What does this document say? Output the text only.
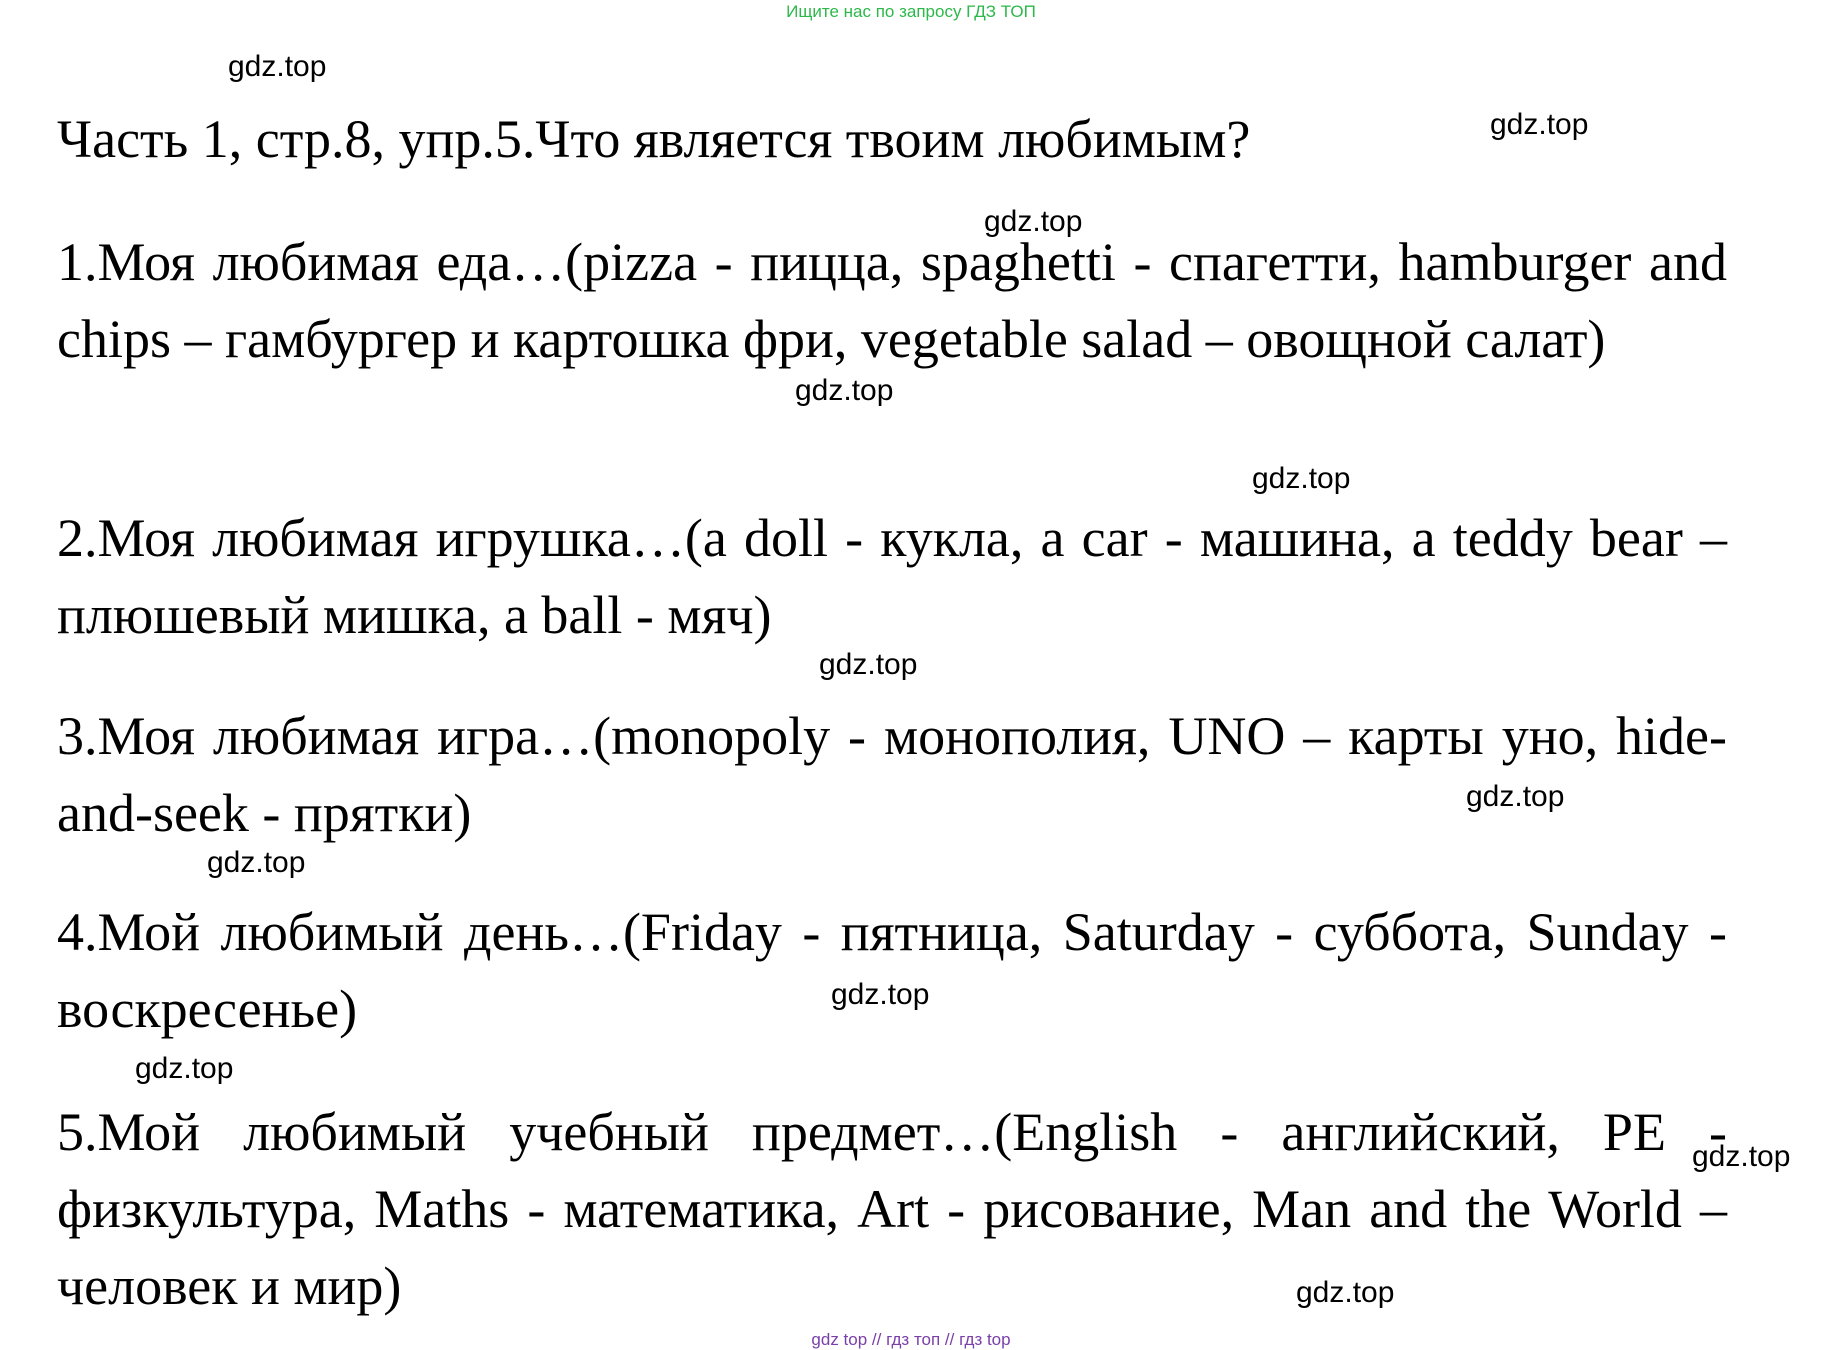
Ищите нас по запросу ГДЗ ТОП
gdz.top
gdz.top
Часть 1, стр.8, упр.5.Что является твоим любимым?
gdz.top

1.Моя любимая еда…(pizza - пицца, spaghetti - спагетти, hamburger and chips – гамбургер и картошка фри, vegetable salad – овощной салат)

gdz.top
gdz.top

2.Моя любимая игрушка…(a doll - кукла, a car - машина, a teddy bear – плюшевый мишка, a ball - мяч)

gdz.top

3.Моя любимая игра…(monopoly - монополия, UNO – карты уно, hide-and-seek - прятки)	gdz.top
gdz.top

4.Мой любимый день…(Friday - пятница, Saturday - суббота, Sunday - воскресенье)	gdz.top
gdz.top

5.Мой любимый учебный предмет…(English - английский, PE - физкультура, Maths - математика, Art - рисование, Man and the World – человек и мир)

gdz.top
gdz.top
gdz top // гдз топ // гдз top
